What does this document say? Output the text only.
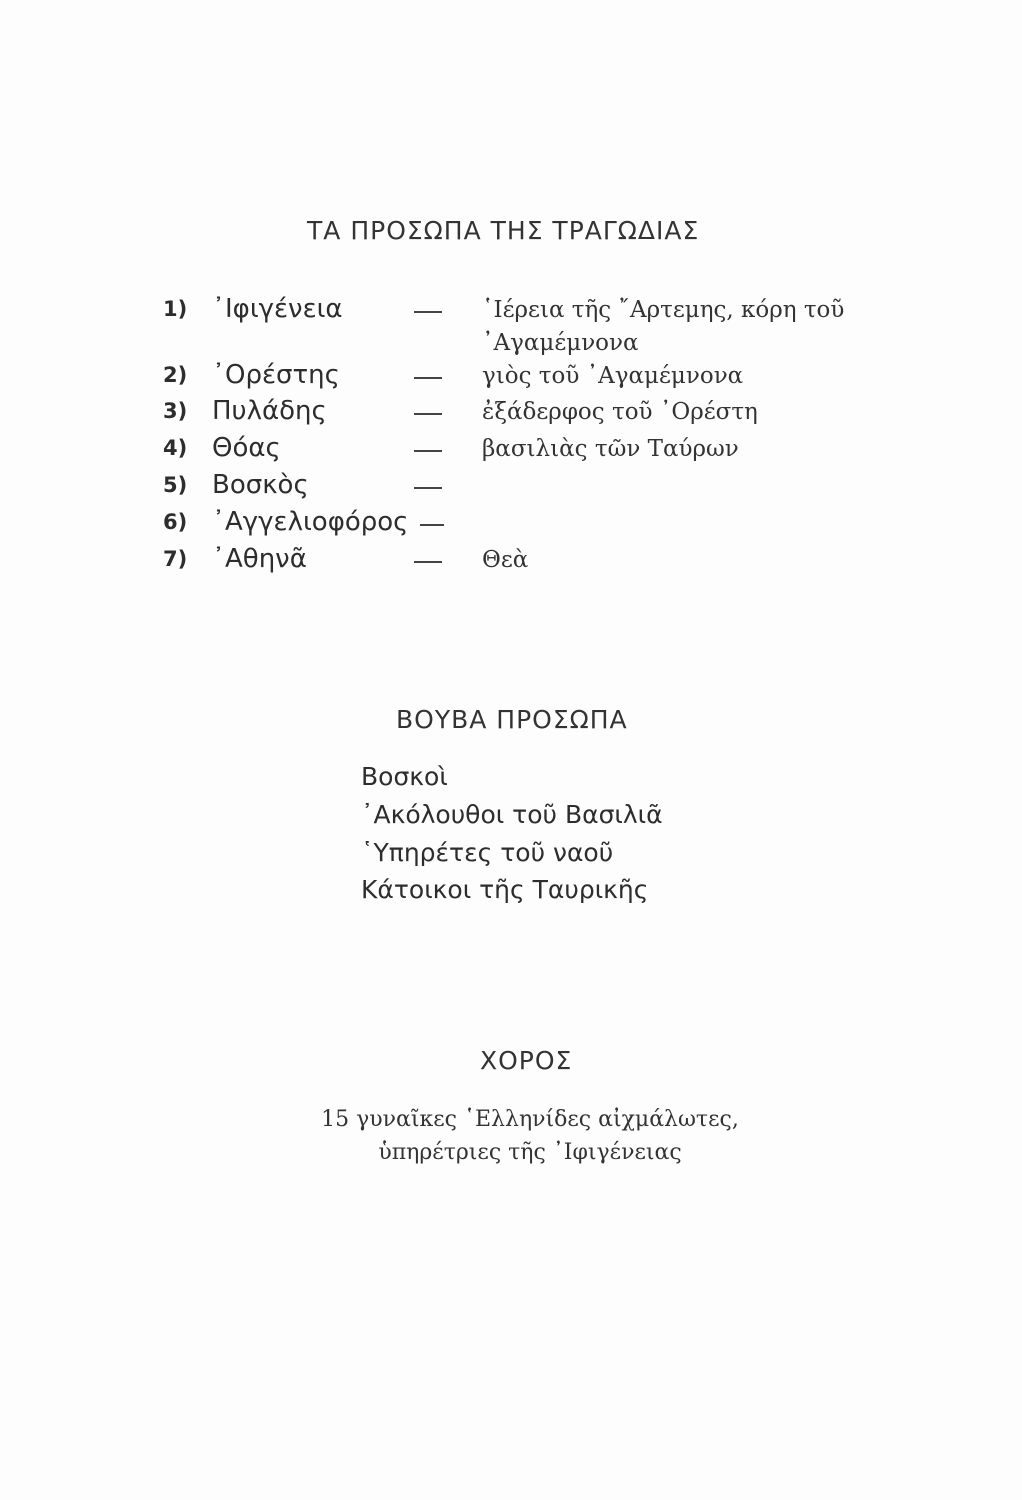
ΤΑ ΠΡΟΣΩΠΑ ΤΗΣ ΤΡΑΓΩΔΙΑΣ
1) ᾿Ιφιγένεια	῾Ιέρεια τῆς ῎Αρτεμης, κόρη τοῦ
᾿Αγαμέμνονα
2) ᾿Ορέστης	γιὸς τοῦ ᾿Αγαμέμνονα
3) Πυλάδης	ἐξάδερφος τοῦ ᾿Ορέστη
4) Θόας	βασιλιὰς τῶν Ταύρων
5) Βοσκὸς
6) ᾿Αγγελιοφόρος
7) ᾿Αθηνᾶ	Θεὰ
ΒΟΥΒΑ ΠΡΟΣΩΠΑ
Βοσκοὶ
᾿Ακόλουθοι τοῦ Βασιλιᾶ
῾Υπηρέτες τοῦ ναοῦ
Κάτοικοι τῆς Ταυρικῆς
ΧΟΡΟΣ
15 γυναῖκες ῾Ελληνίδες αἰχμάλωτες,
ὑπηρέτριες τῆς ᾿Ιφιγένειας
